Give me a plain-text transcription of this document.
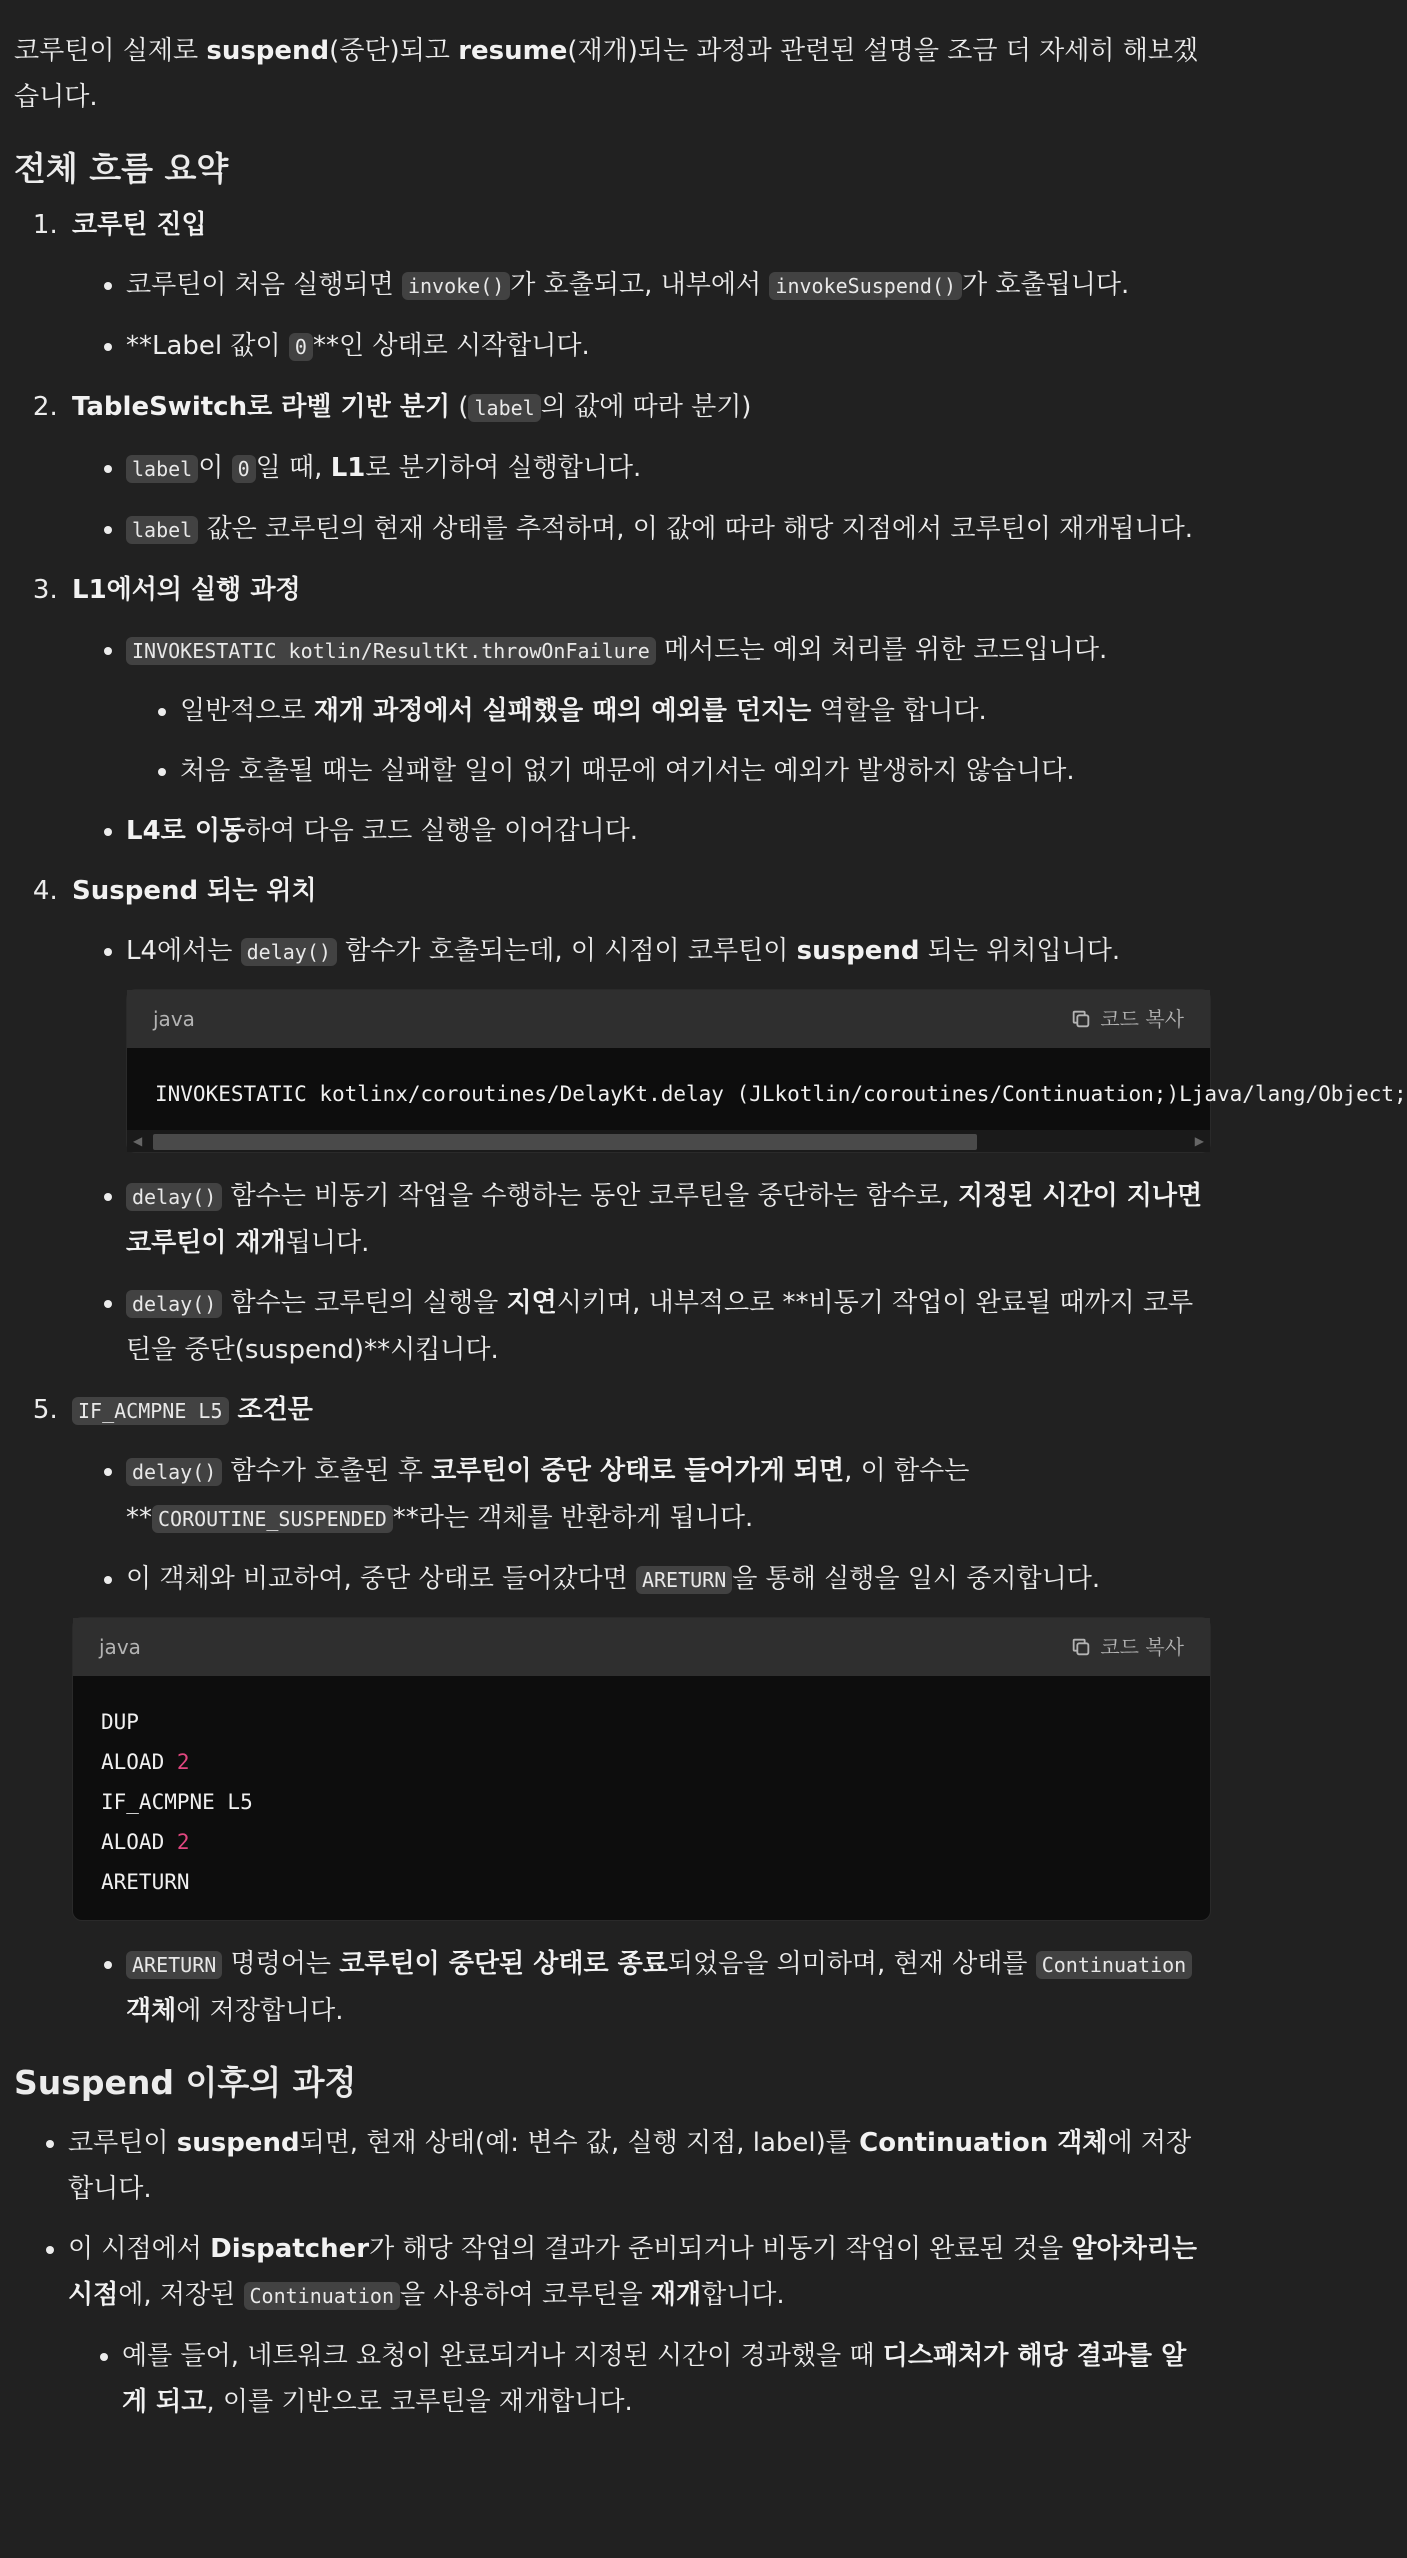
코루틴이 실제로 suspend(중단)되고 resume(재개)되는 과정과 관련된 설명을 조금 더 자세히 해보겠습니다.

전체 흐름 요약
1. 코루틴 진입
• 코루틴이 처음 실행되면 invoke() 가 호출되고, 내부에서 invokeSuspend() 가 호출됩니다.
• **Label 값이 0 **인 상태로 시작합니다.
2. TableSwitch로 라벨 기반 분기 ( label 의 값에 따라 분기)
• label 이 0 일 때, L1로 분기하여 실행합니다.
• label 값은 코루틴의 현재 상태를 추적하며, 이 값에 따라 해당 지점에서 코루틴이 재개됩니다.
3. L1에서의 실행 과정
• INVOKESTATIC kotlin/ResultKt.throwOnFailure 메서드는 예외 처리를 위한 코드입니다.
• 일반적으로 재개 과정에서 실패했을 때의 예외를 던지는 역할을 합니다.
• 처음 호출될 때는 실패할 일이 없기 때문에 여기서는 예외가 발생하지 않습니다.
• L4로 이동하여 다음 코드 실행을 이어갑니다.
4. Suspend 되는 위치
• L4에서는 delay() 함수가 호출되는데, 이 시점이 코루틴이 suspend 되는 위치입니다.
java	코드 복사
INVOKESTATIC kotlinx/coroutines/DelayKt.delay (JLkotlin/coroutines/Continuation;)Ljava/lang/Object;
◀	▶
• delay() 함수는 비동기 작업을 수행하는 동안 코루틴을 중단하는 함수로, 지정된 시간이 지나면 코루틴이 재개됩니다.
• delay() 함수는 코루틴의 실행을 지연시키며, 내부적으로 **비동기 작업이 완료될 때까지 코루틴을 중단(suspend)**시킵니다.
5. IF_ACMPNE L5 조건문
• delay() 함수가 호출된 후 코루틴이 중단 상태로 들어가게 되면, 이 함수는 ** COROUTINE_SUSPENDED **라는 객체를 반환하게 됩니다.
• 이 객체와 비교하여, 중단 상태로 들어갔다면 ARETURN 을 통해 실행을 일시 중지합니다.
java	코드 복사
DUP
ALOAD 2
IF_ACMPNE L5
ALOAD 2
ARETURN
• ARETURN 명령어는 코루틴이 중단된 상태로 종료되었음을 의미하며, 현재 상태를 Continuation 객체에 저장합니다.
Suspend 이후의 과정
• 코루틴이 suspend되면, 현재 상태(예: 변수 값, 실행 지점, label)를 Continuation 객체에 저장합니다.
• 이 시점에서 Dispatcher가 해당 작업의 결과가 준비되거나 비동기 작업이 완료된 것을 알아차리는 시점에, 저장된 Continuation 을 사용하여 코루틴을 재개합니다.
• 예를 들어, 네트워크 요청이 완료되거나 지정된 시간이 경과했을 때 디스패처가 해당 결과를 알게 되고, 이를 기반으로 코루틴을 재개합니다.
